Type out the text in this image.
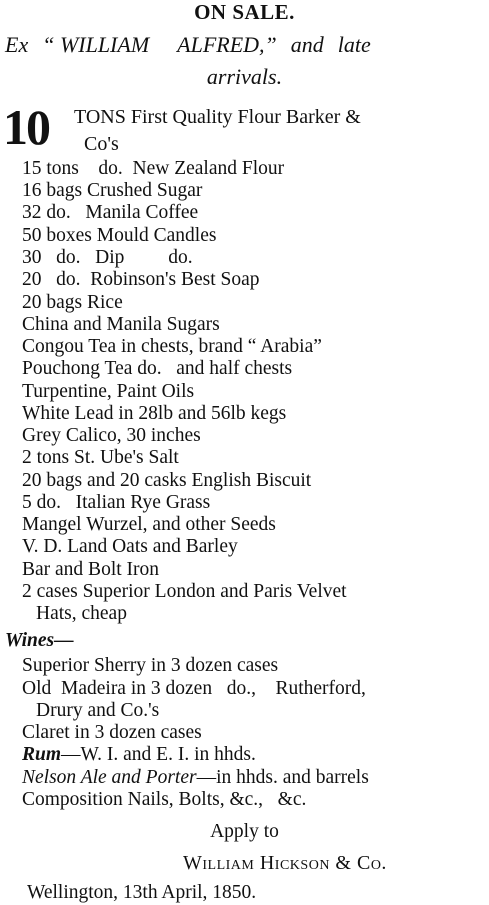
ON SALE.
Ex “ WILLIAM ALFRED,” and late
arrivals.
10 TONS First Quality Flour Barker &
Co's
15 tons    do.  New Zealand Flour
16 bags Crushed Sugar
32 do.   Manila Coffee
50 boxes Mould Candles
30   do.   Dip         do.
20   do.  Robinson's Best Soap
20 bags Rice
China and Manila Sugars
Congou Tea in chests, brand “ Arabia”
Pouchong Tea do.   and half chests
Turpentine, Paint Oils
White Lead in 28lb and 56lb kegs
Grey Calico, 30 inches
2 tons St. Ube's Salt
20 bags and 20 casks English Biscuit
5 do.   Italian Rye Grass
Mangel Wurzel, and other Seeds
V. D. Land Oats and Barley
Bar and Bolt Iron
2 cases Superior London and Paris Velvet
Hats, cheap
Wines—
Superior Sherry in 3 dozen cases
Old  Madeira in 3 dozen   do.,    Rutherford,
Drury and Co.'s
Claret in 3 dozen cases
Rum—W. I. and E. I. in hhds.
Nelson Ale and Porter—in hhds. and barrels
Composition Nails, Bolts, &c.,   &c.
Apply to
William Hickson & Co.
Wellington, 13th April, 1850.
